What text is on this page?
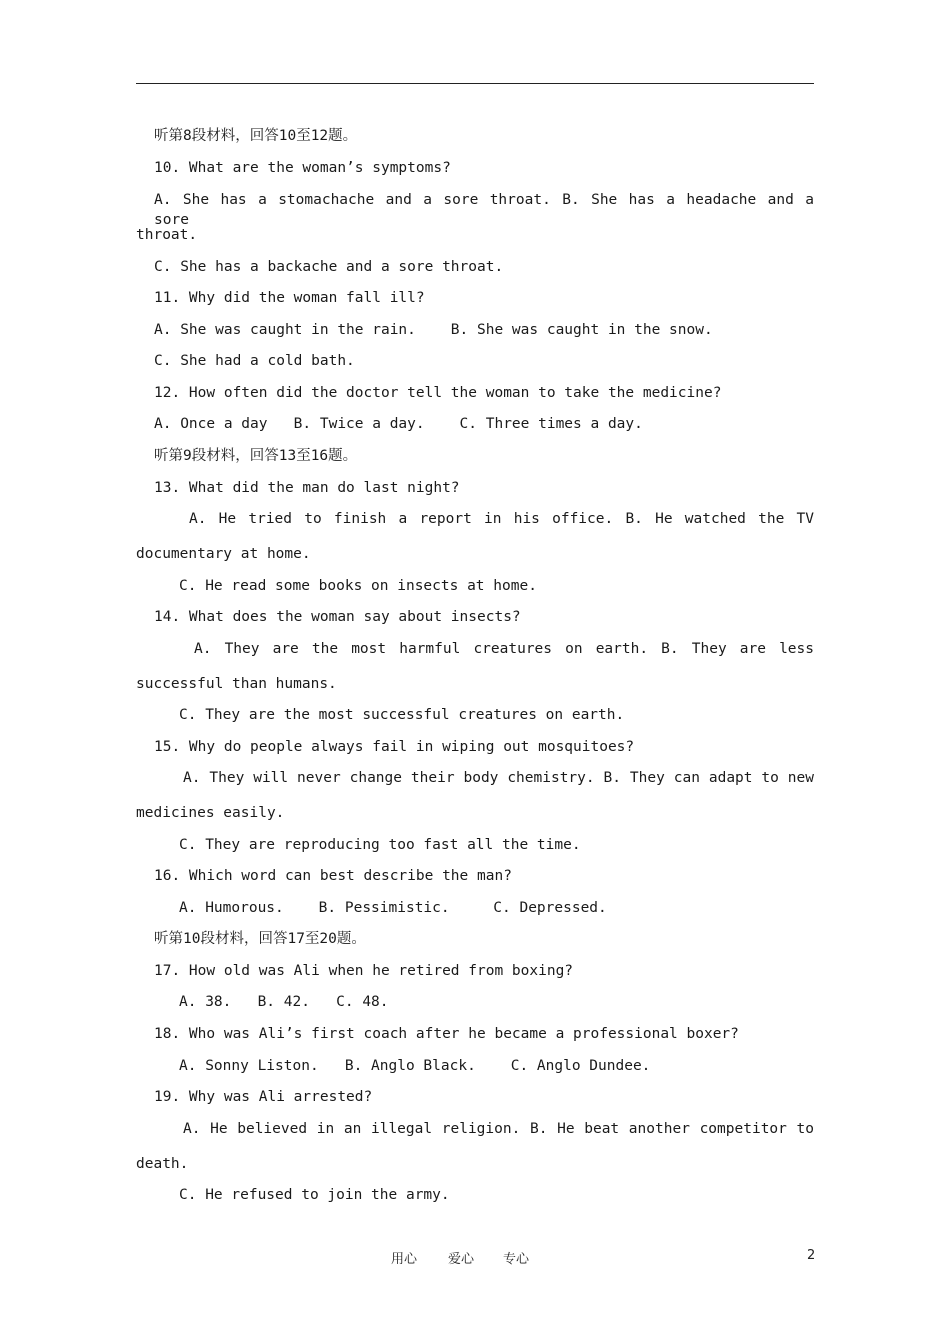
听第8段材料，回答10至12题。
10. What are the woman’s symptoms?
A. She has a stomachache and a sore throat. B. She has a headache and a sore
throat.
C. She has a backache and a sore throat.
11. Why did the woman fall ill?
A. She was caught in the rain.    B. She was caught in the snow.
C. She had a cold bath.
12. How often did the doctor tell the woman to take the medicine?
A. Once a day   B. Twice a day.    C. Three times a day.
听第9段材料，回答13至16题。
13. What did the man do last night?
A. He tried to finish a report in his office. B. He watched the TV
documentary at home.
C. He read some books on insects at home.
14. What does the woman say about insects?
A. They are the most harmful creatures on earth. B. They are less
successful than humans.
C. They are the most successful creatures on earth.
15. Why do people always fail in wiping out mosquitoes?
A. They will never change their body chemistry. B. They can adapt to new
medicines easily.
C. They are reproducing too fast all the time.
16. Which word can best describe the man?
A. Humorous.    B. Pessimistic.     C. Depressed.
听第10段材料，回答17至20题。
17. How old was Ali when he retired from boxing?
A. 38.   B. 42.   C. 48.
18. Who was Ali’s first coach after he became a professional boxer?
A. Sonny Liston.   B. Anglo Black.    C. Anglo Dundee.
19. Why was Ali arrested?
A. He believed in an illegal religion. B. He beat another competitor to
death.
C. He refused to join the army.
用心 爱心 专心	2
